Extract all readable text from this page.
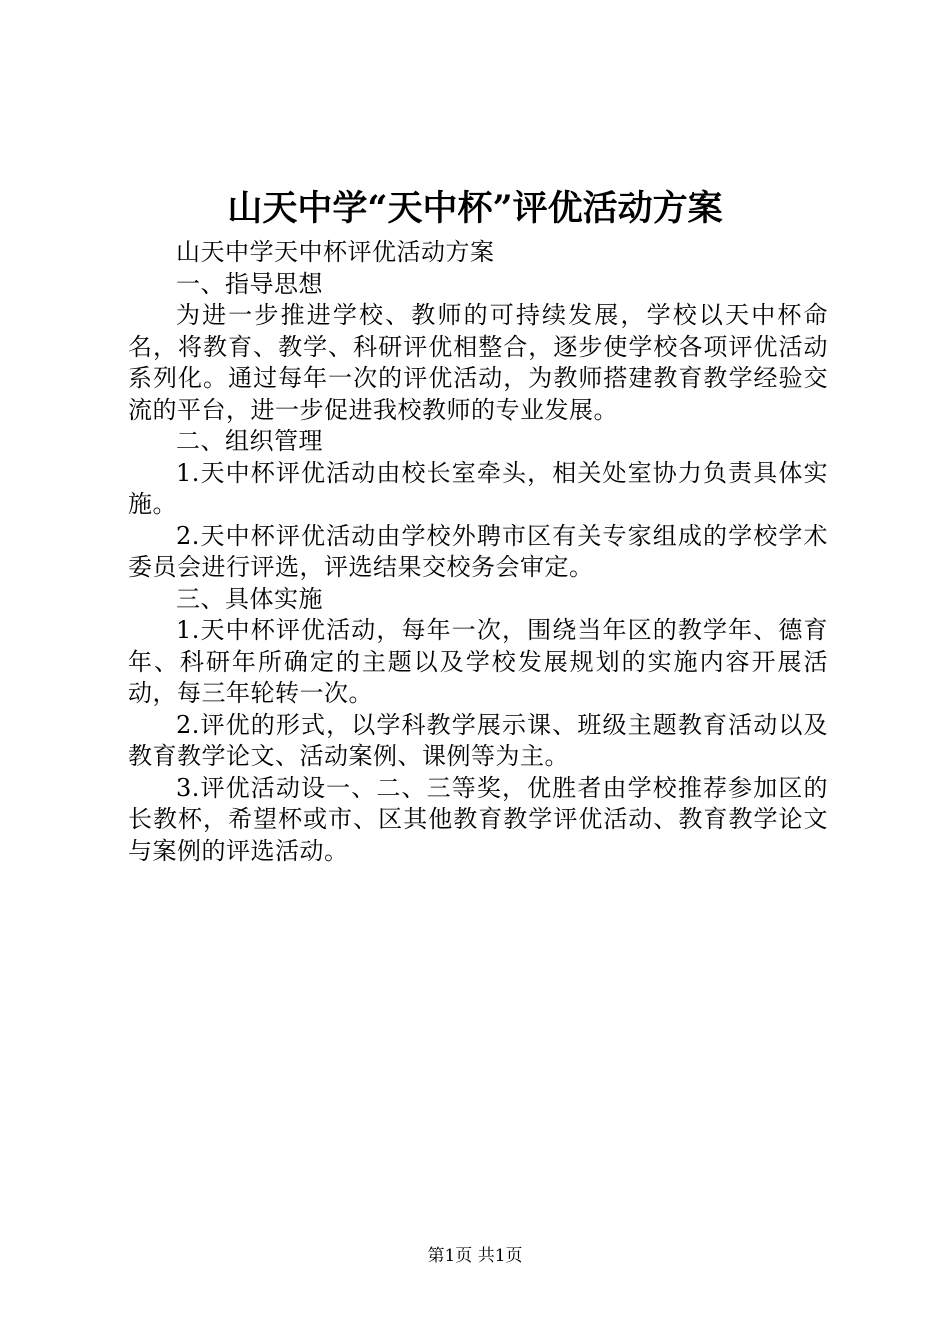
山天中学“天中杯”评优活动方案

山天中学天中杯评优活动方案

一、指导思想

为进一步推进学校、教师的可持续发展，学校以天中杯命名，将教育、教学、科研评优相整合，逐步使学校各项评优活动系列化。通过每年一次的评优活动，为教师搭建教育教学经验交流的平台，进一步促进我校教师的专业发展。

二、组织管理

1.天中杯评优活动由校长室牵头，相关处室协力负责具体实施。

2.天中杯评优活动由学校外聘市区有关专家组成的学校学术委员会进行评选，评选结果交校务会审定。

三、具体实施

1.天中杯评优活动，每年一次，围绕当年区的教学年、德育年、科研年所确定的主题以及学校发展规划的实施内容开展活动，每三年轮转一次。

2.评优的形式，以学科教学展示课、班级主题教育活动以及教育教学论文、活动案例、课例等为主。

3.评优活动设一、二、三等奖，优胜者由学校推荐参加区的长教杯，希望杯或市、区其他教育教学评优活动、教育教学论文与案例的评选活动。

第1页 共1页
